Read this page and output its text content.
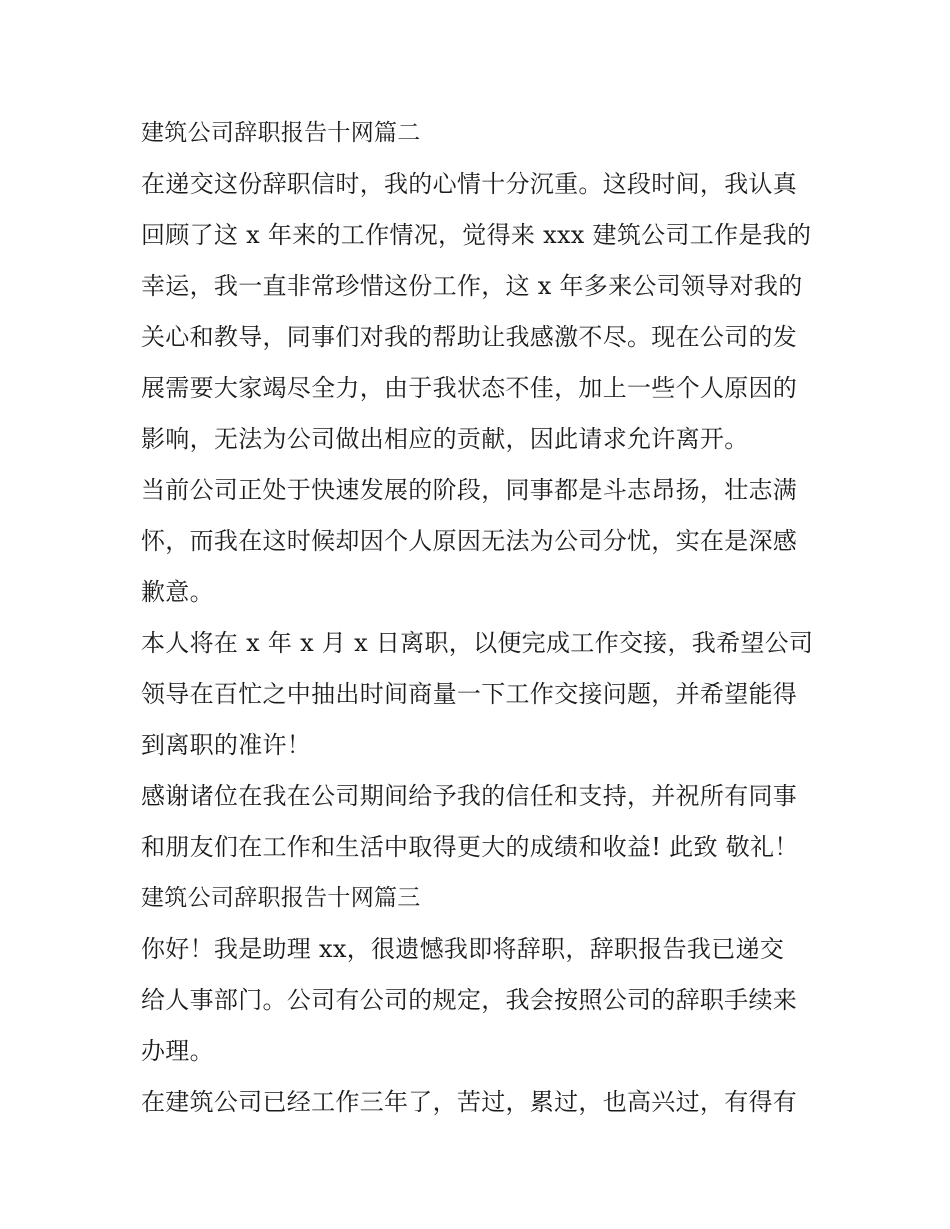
建筑公司辞职报告十网篇二
在递交这份辞职信时，我的心情十分沉重。这段时间，我认真
回顾了这 x 年来的工作情况，觉得来 xxx 建筑公司工作是我的
幸运，我一直非常珍惜这份工作，这 x 年多来公司领导对我的
关心和教导，同事们对我的帮助让我感激不尽。现在公司的发
展需要大家竭尽全力，由于我状态不佳，加上一些个人原因的
影响，无法为公司做出相应的贡献，因此请求允许离开。
当前公司正处于快速发展的阶段，同事都是斗志昂扬，壮志满
怀，而我在这时候却因个人原因无法为公司分忧，实在是深感
歉意。
本人将在 x 年 x 月 x 日离职，以便完成工作交接，我希望公司
领导在百忙之中抽出时间商量一下工作交接问题，并希望能得
到离职的准许！
感谢诸位在我在公司期间给予我的信任和支持，并祝所有同事
和朋友们在工作和生活中取得更大的成绩和收益! 此致 敬礼！
建筑公司辞职报告十网篇三
你好！我是助理 xx，很遗憾我即将辞职，辞职报告我已递交
给人事部门。公司有公司的规定，我会按照公司的辞职手续来
办理。
在建筑公司已经工作三年了，苦过，累过，也高兴过，有得有
